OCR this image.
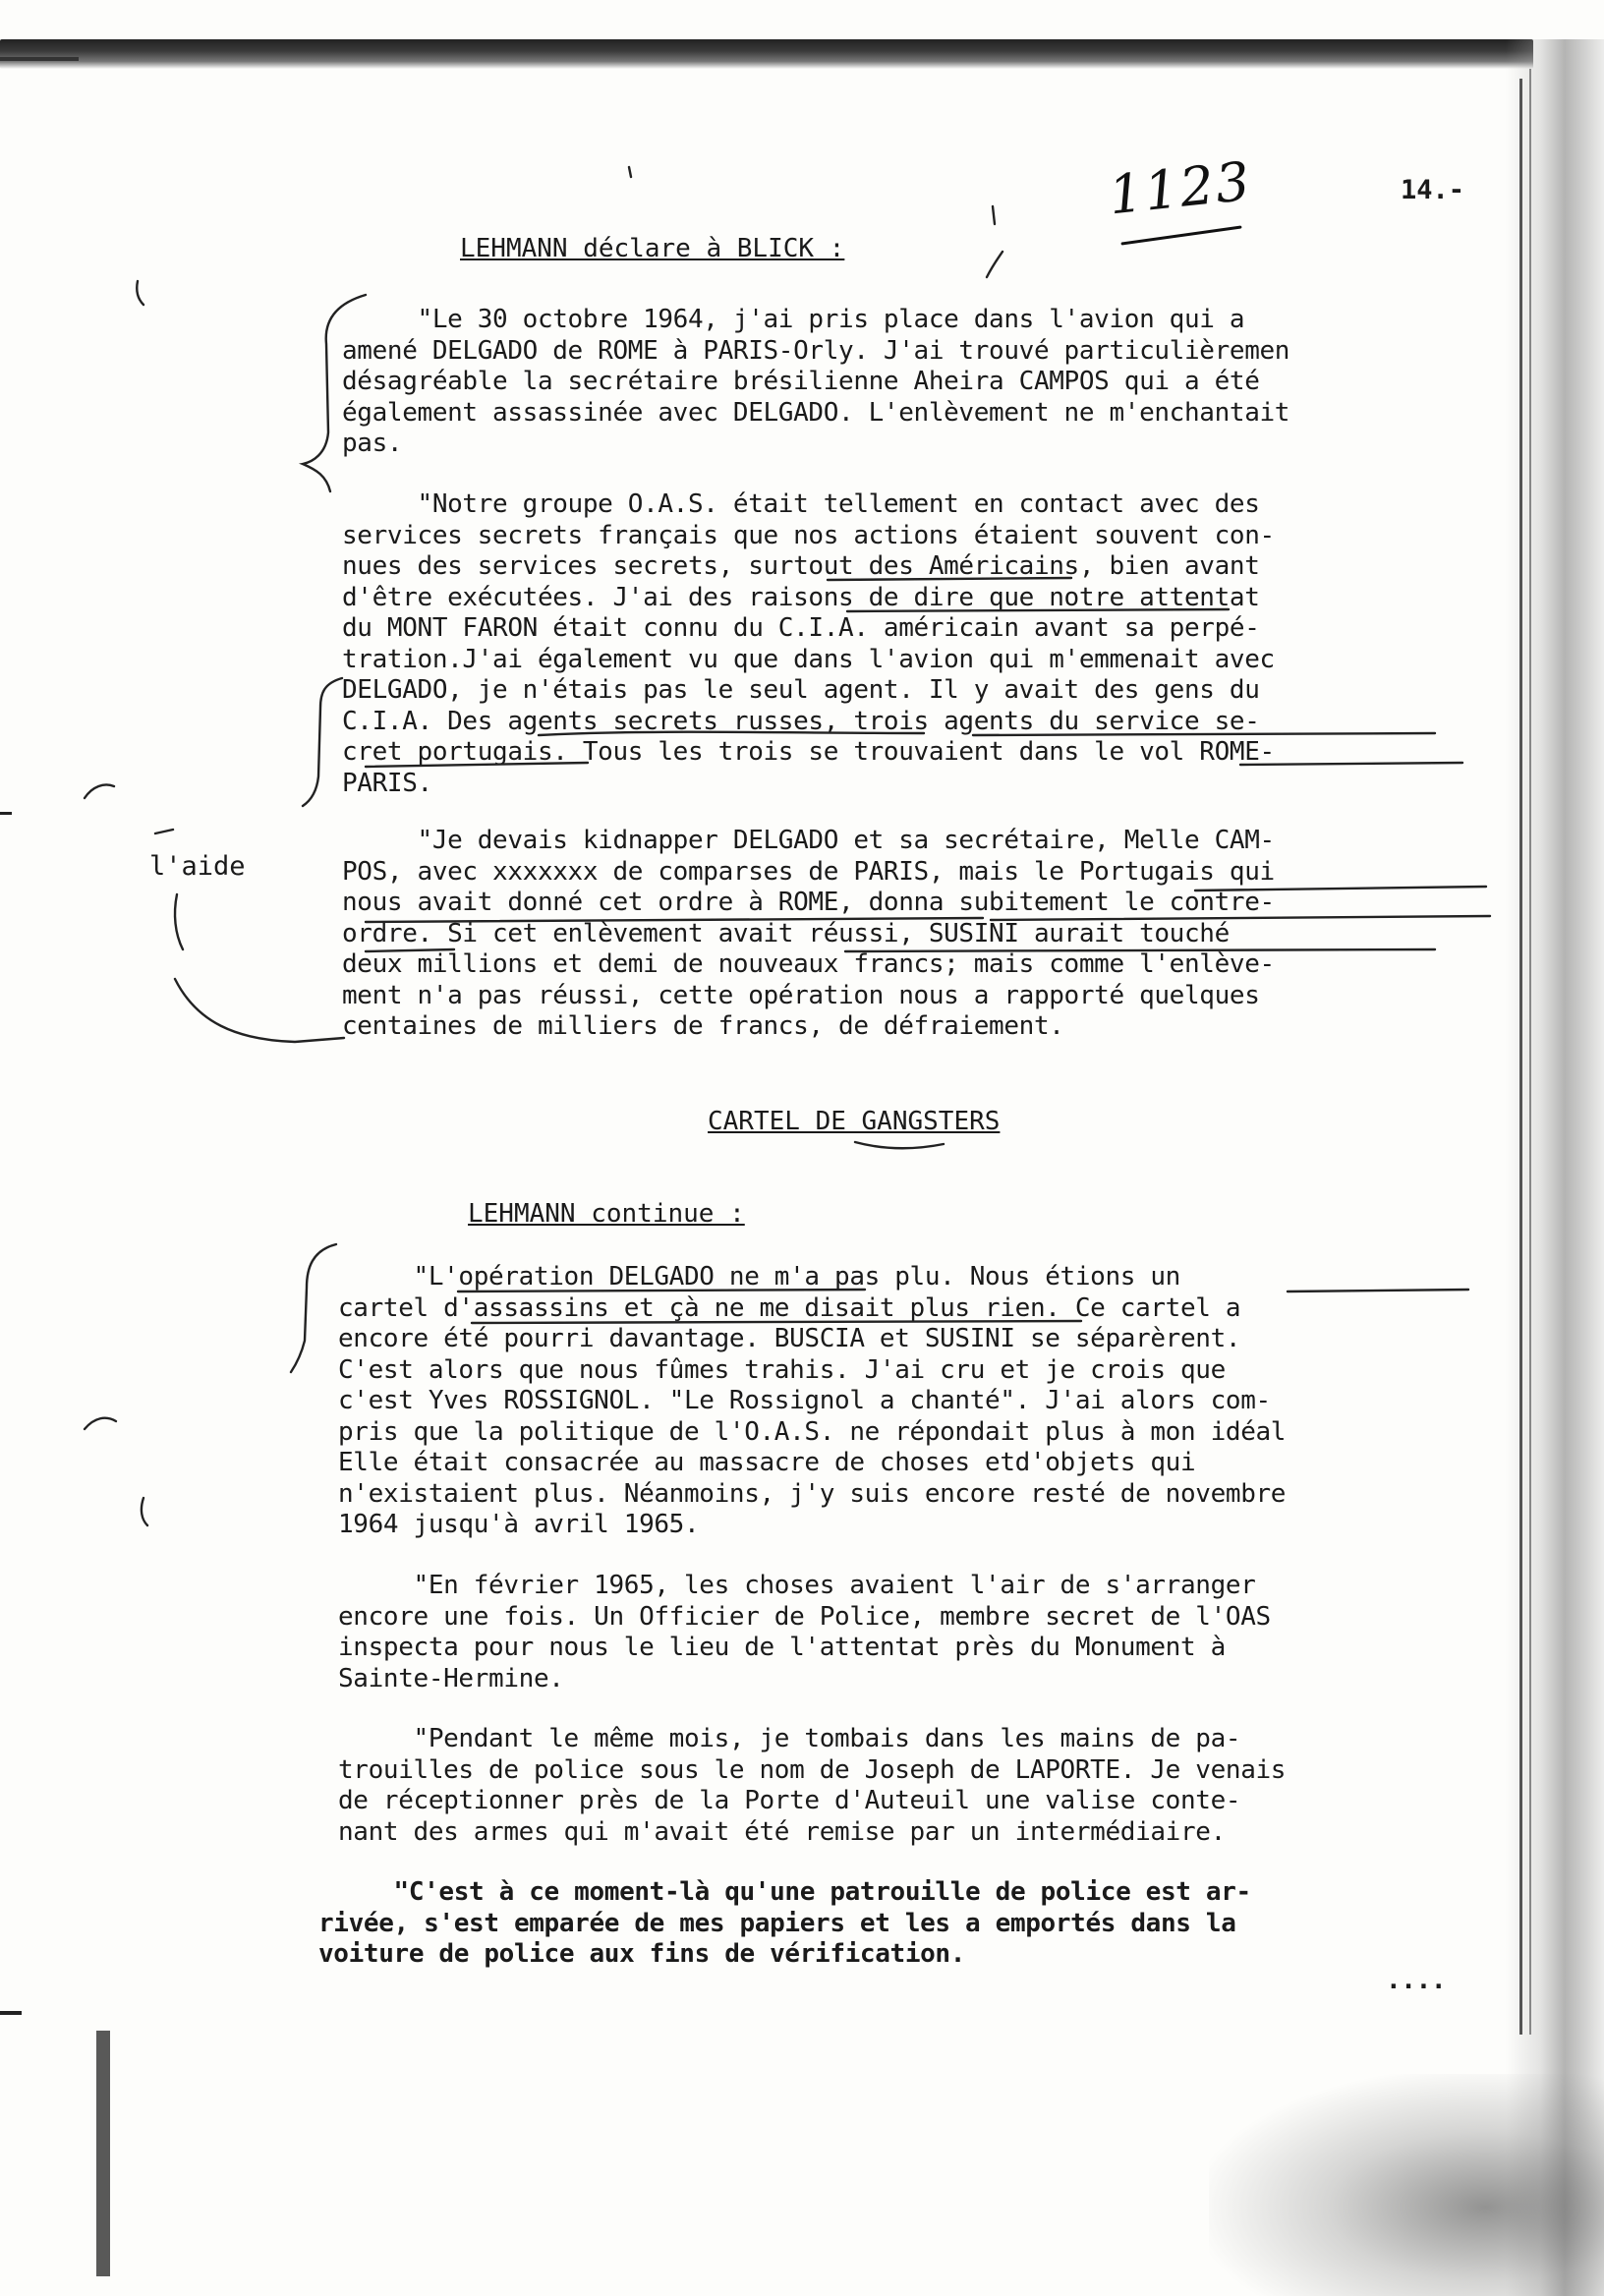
1123	14.-
LEHMANN déclare à BLICK :
"Le 30 octobre 1964, j'ai pris place dans l'avion qui a
amené DELGADO de ROME à PARIS-Orly. J'ai trouvé particulièremen
désagréable la secrétaire brésilienne Aheira CAMPOS qui a été
également assassinée avec DELGADO. L'enlèvement ne m'enchantait
pas.
"Notre groupe O.A.S. était tellement en contact avec des
services secrets français que nos actions étaient souvent con-
nues des services secrets, surtout des Américains, bien avant
d'être exécutées. J'ai des raisons de dire que notre attentat
du MONT FARON était connu du C.I.A. américain avant sa perpé-
tration.J'ai également vu que dans l'avion qui m'emmenait avec
DELGADO, je n'étais pas le seul agent. Il y avait des gens du
C.I.A. Des agents secrets russes, trois agents du service se-
cret portugais. Tous les trois se trouvaient dans le vol ROME-
PARIS.
l'aide
"Je devais kidnapper DELGADO et sa secrétaire, Melle CAM-
POS, avec xxxxxxx de comparses de PARIS, mais le Portugais qui
nous avait donné cet ordre à ROME, donna subitement le contre-
ordre. Si cet enlèvement avait réussi, SUSINI aurait touché
deux millions et demi de nouveaux francs; mais comme l'enlève-
ment n'a pas réussi, cette opération nous a rapporté quelques
centaines de milliers de francs, de défraiement.
CARTEL DE GANGSTERS
LEHMANN continue :
"L'opération DELGADO ne m'a pas plu. Nous étions un
cartel d'assassins et çà ne me disait plus rien. Ce cartel a
encore été pourri davantage. BUSCIA et SUSINI se séparèrent.
C'est alors que nous fûmes trahis. J'ai cru et je crois que
c'est Yves ROSSIGNOL. "Le Rossignol a chanté". J'ai alors com-
pris que la politique de l'O.A.S. ne répondait plus à mon idéal
Elle était consacrée au massacre de choses etd'objets qui
n'existaient plus. Néanmoins, j'y suis encore resté de novembre
1964 jusqu'à avril 1965.
"En février 1965, les choses avaient l'air de s'arranger
encore une fois. Un Officier de Police, membre secret de l'OAS
inspecta pour nous le lieu de l'attentat près du Monument à
Sainte-Hermine.
"Pendant le même mois, je tombais dans les mains de pa-
trouilles de police sous le nom de Joseph de LAPORTE. Je venais
de réceptionner près de la Porte d'Auteuil une valise conte-
nant des armes qui m'avait été remise par un intermédiaire.
"C'est à ce moment-là qu'une patrouille de police est ar-
rivée, s'est emparée de mes papiers et les a emportés dans la
voiture de police aux fins de vérification.
....
